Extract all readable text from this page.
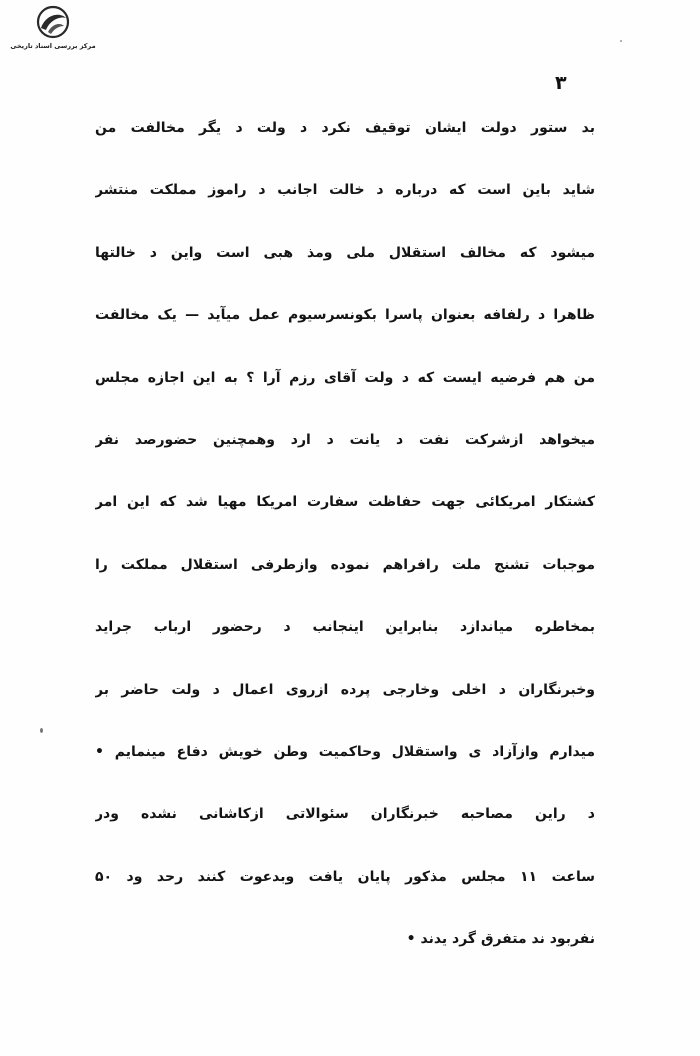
مرکز بررسی اسناد تاریخی
۳
بد ستور دولت ایشان توقیف نکرد د ولت د یگر مخالفت من
شاید باین است که درباره د خالت اجانب د راموز مملکت منتشر
میشود که مخالف استقلال ملی ومذ هبی است واین د خالتها
ظاهرا د رلفافه بعنوان پاسرا بکونسرسیوم عمل میآید — یک مخالفت
من هم فرضیه ایست که د ولت آقای رزم آرا ؟ به این اجازه مجلس
میخواهد ازشرکت نفت د یانت د ارد وهمچنین حضورصد نفر
کشتکار امریکائی جهت حفاظت سفارت امریکا مهیا شد که این امر
موجبات تشنج ملت رافراهم نموده وازطرفی استقلال مملکت را
بمخاطره میاندازد بنابراین اینجانب د رحضور ارباب جراید
وخبرنگاران د اخلی وخارجی پرده ازروی اعمال د ولت حاضر بر
میدارم وازآزاد ی واستقلال وحاکمیت وطن خویش دفاع مینمایم •
د راین مصاحبه خبرنگاران سئوالاتی ازکاشانی نشده ودر
ساعت ۱۱ مجلس مذکور پایان یافت وبدعوت کنند رحد ود ۵۰
نفربود ند متفرق گرد یدند •
